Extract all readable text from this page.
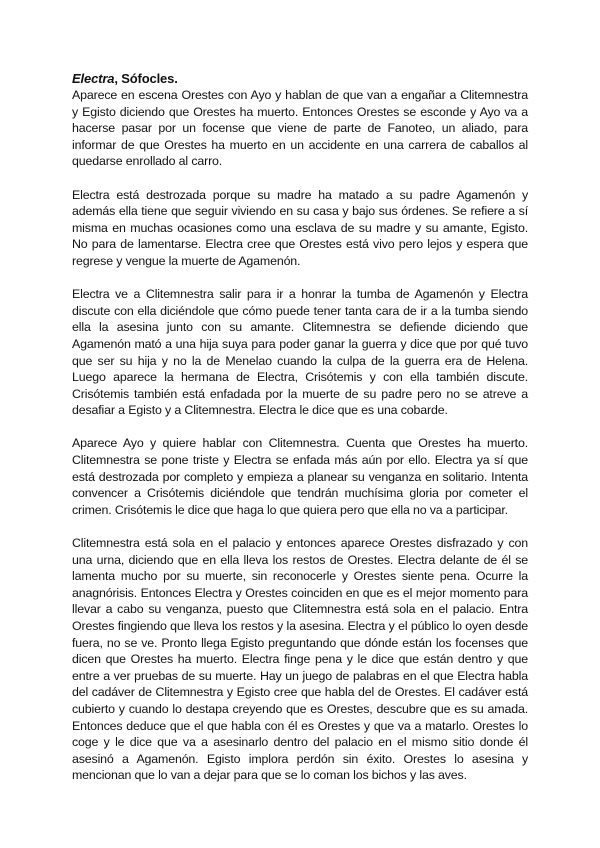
Electra, Sófocles.

Aparece en escena Orestes con Ayo y hablan de que van a engañar a Clitemnestra y Egisto diciendo que Orestes ha muerto. Entonces Orestes se esconde y Ayo va a hacerse pasar por un focense que viene de parte de Fanoteo, un aliado, para informar de que Orestes ha muerto en un accidente en una carrera de caballos al quedarse enrollado al carro.

Electra está destrozada porque su madre ha matado a su padre Agamenón y además ella tiene que seguir viviendo en su casa y bajo sus órdenes. Se refiere a sí misma en muchas ocasiones como una esclava de su madre y su amante, Egisto. No para de lamentarse. Electra cree que Orestes está vivo pero lejos y espera que regrese y vengue la muerte de Agamenón.

Electra ve a Clitemnestra salir para ir a honrar la tumba de Agamenón y Electra discute con ella diciéndole que cómo puede tener tanta cara de ir a la tumba siendo ella la asesina junto con su amante. Clitemnestra se defiende diciendo que Agamenón mató a una hija suya para poder ganar la guerra y dice que por qué tuvo que ser su hija y no la de Menelao cuando la culpa de la guerra era de Helena. Luego aparece la hermana de Electra, Crisótemis y con ella también discute. Crisótemis también está enfadada por la muerte de su padre pero no se atreve a desafiar a Egisto y a Clitemnestra. Electra le dice que es una cobarde.

Aparece Ayo y quiere hablar con Clitemnestra. Cuenta que Orestes ha muerto. Clitemnestra se pone triste y Electra se enfada más aún por ello. Electra ya sí que está destrozada por completo y empieza a planear su venganza en solitario. Intenta convencer a Crisótemis diciéndole que tendrán muchísima gloria por cometer el crimen. Crisótemis le dice que haga lo que quiera pero que ella no va a participar.

Clitemnestra está sola en el palacio y entonces aparece Orestes disfrazado y con una urna, diciendo que en ella lleva los restos de Orestes. Electra delante de él se lamenta mucho por su muerte, sin reconocerle y Orestes siente pena. Ocurre la anagnórisis. Entonces Electra y Orestes coinciden en que es el mejor momento para llevar a cabo su venganza, puesto que Clitemnestra está sola en el palacio. Entra Orestes fingiendo que lleva los restos y la asesina. Electra y el público lo oyen desde fuera, no se ve. Pronto llega Egisto preguntando que dónde están los focenses que dicen que Orestes ha muerto. Electra finge pena y le dice que están dentro y que entre a ver pruebas de su muerte. Hay un juego de palabras en el que Electra habla del cadáver de Clitemnestra y Egisto cree que habla del de Orestes. El cadáver está cubierto y cuando lo destapa creyendo que es Orestes, descubre que es su amada. Entonces deduce que el que habla con él es Orestes y que va a matarlo. Orestes lo coge y le dice que va a asesinarlo dentro del palacio en el mismo sitio donde él asesinó a Agamenón. Egisto implora perdón sin éxito. Orestes lo asesina y mencionan que lo van a dejar para que se lo coman los bichos y las aves.
